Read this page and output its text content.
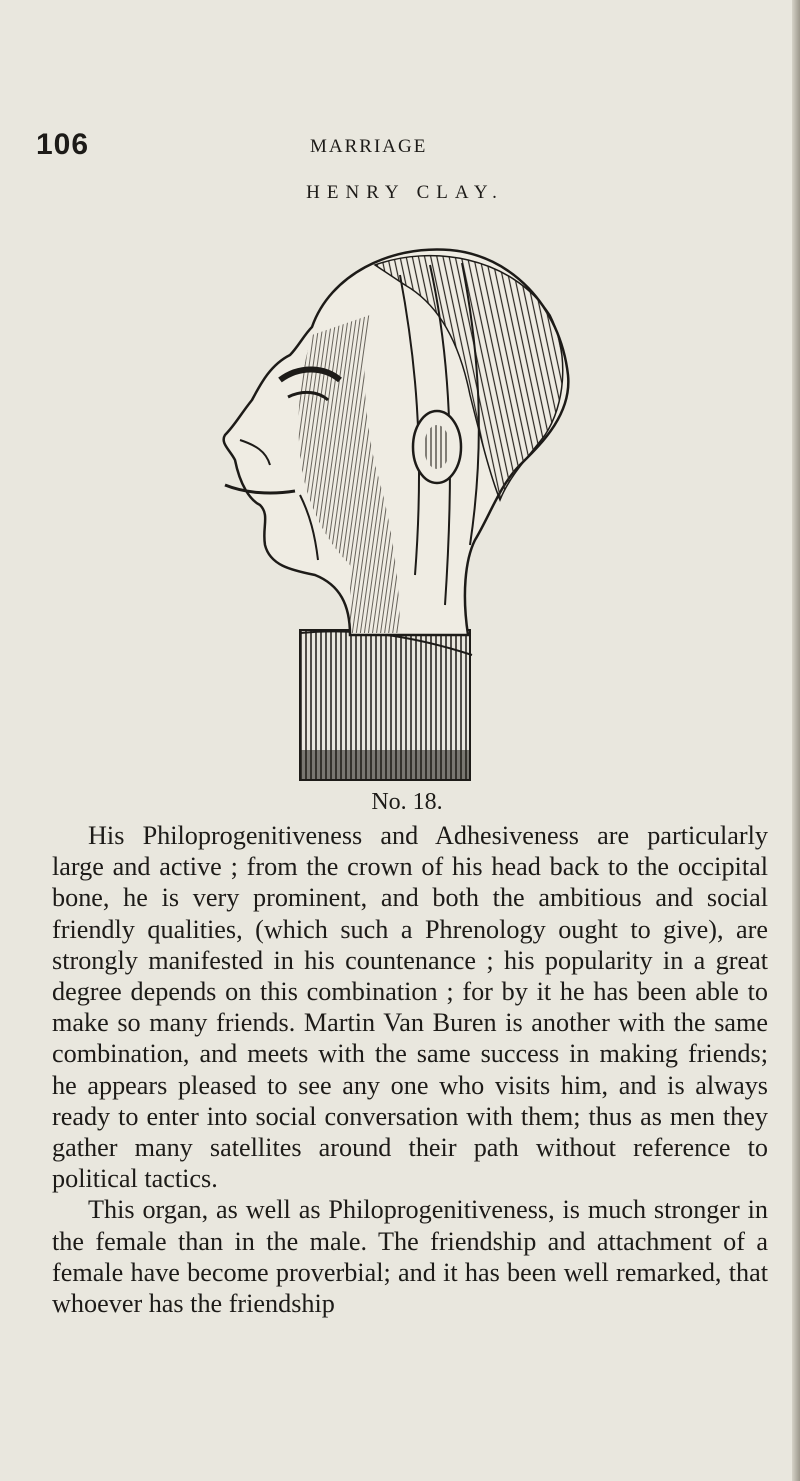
106	MARRIAGE
HENRY CLAY.
No. 18.

His Philoprogenitiveness and Adhesiveness are particularly large and active ; from the crown of his head back to the occipital bone, he is very prominent, and both the ambitious and social friendly qualities, (which such a Phrenology ought to give), are strongly manifested in his countenance ; his popularity in a great degree depends on this combination ; for by it he has been able to make so many friends. Martin Van Buren is another with the same combination, and meets with the same success in making friends; he appears pleased to see any one who visits him, and is always ready to enter into social conversation with them; thus as men they gather many satellites around their path without reference to political tactics.

This organ, as well as Philoprogenitiveness, is much stronger in the female than in the male. The friendship and attachment of a female have become proverbial; and it has been well remarked, that whoever has the friendship
